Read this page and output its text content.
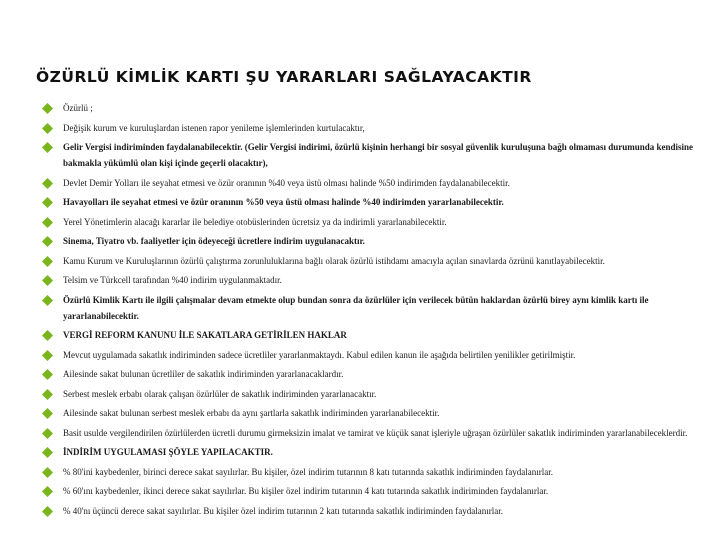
ÖZÜRLÜ KİMLİK KARTI ŞU YARARLARI SAĞLAYACAKTIR
Özürlü ;
Değişik kurum ve kuruluşlardan istenen rapor yenileme işlemlerinden kurtulacaktır,
Gelir Vergisi indiriminden faydalanabilecektir. (Gelir Vergisi indirimi, özürlü kişinin herhangi bir sosyal güvenlik kuruluşuna bağlı olmaması durumunda kendisine bakmakla yükümlü olan kişi içinde geçerli olacaktır),
Devlet Demir Yolları ile seyahat etmesi ve özür oranının %40 veya üstü olması halinde %50 indirimden faydalanabilecektir.
Havayolları ile seyahat etmesi ve özür oranının %50 veya üstü olması halinde %40 indirimden yararlanabilecektir.
Yerel Yönetimlerin alacağı kararlar ile belediye otobüslerinden ücretsiz ya da indirimli yararlanabilecektir.
Sinema, Tiyatro vb. faaliyetler için ödeyeceği ücretlere indirim uygulanacaktır.
Kamu Kurum ve Kuruluşlarının özürlü çalıştırma zorunluluklarına bağlı olarak özürlü istihdamı amacıyla açılan sınavlarda özrünü kanıtlayabilecektir.
Telsim ve Türkcell tarafından %40 indirim uygulanmaktadır.
Özürlü Kimlik Kartı ile ilgili çalışmalar devam etmekte olup bundan sonra da özürlüler için verilecek bütün haklardan özürlü birey aynı kimlik kartı ile yararlanabilecektir.
VERGİ REFORM KANUNU İLE SAKATLARA GETİRİLEN HAKLAR
Mevcut uygulamada sakatlık indiriminden sadece ücretliler yararlanmaktaydı. Kabul edilen kanun ile aşağıda belirtilen yenilikler getirilmiştir.
Ailesinde sakat bulunan ücretliler de sakatlık indiriminden yararlanacaklardır.
Serbest meslek erbabı olarak çalışan özürlüler de sakatlık indiriminden yararlanacaktır.
Ailesinde sakat bulunan serbest meslek erbabı da aynı şartlarla sakatlık indiriminden yararlanabilecektir.
Basit usulde vergilendirilen özürlülerden ücretli durumu girmeksizin imalat ve tamirat ve küçük sanat işleriyle uğraşan özürlüler sakatlık indiriminden yararlanabileceklerdir.
İNDİRİM UYGULAMASI ŞÖYLE YAPILACAKTIR.
% 80'ini kaybedenler, birinci derece sakat sayılırlar. Bu kişiler, özel indirim tutarının 8 katı tutarında sakatlık indiriminden faydalanırlar.
% 60'ını kaybedenler, ikinci derece sakat sayılırlar. Bu kişiler özel indirim tutarının 4 katı tutarında sakatlık indiriminden faydalanırlar.
% 40'nı üçüncü derece sakat sayılırlar. Bu kişiler özel indirim tutarının 2 katı tutarında sakatlık indiriminden faydalanırlar.
